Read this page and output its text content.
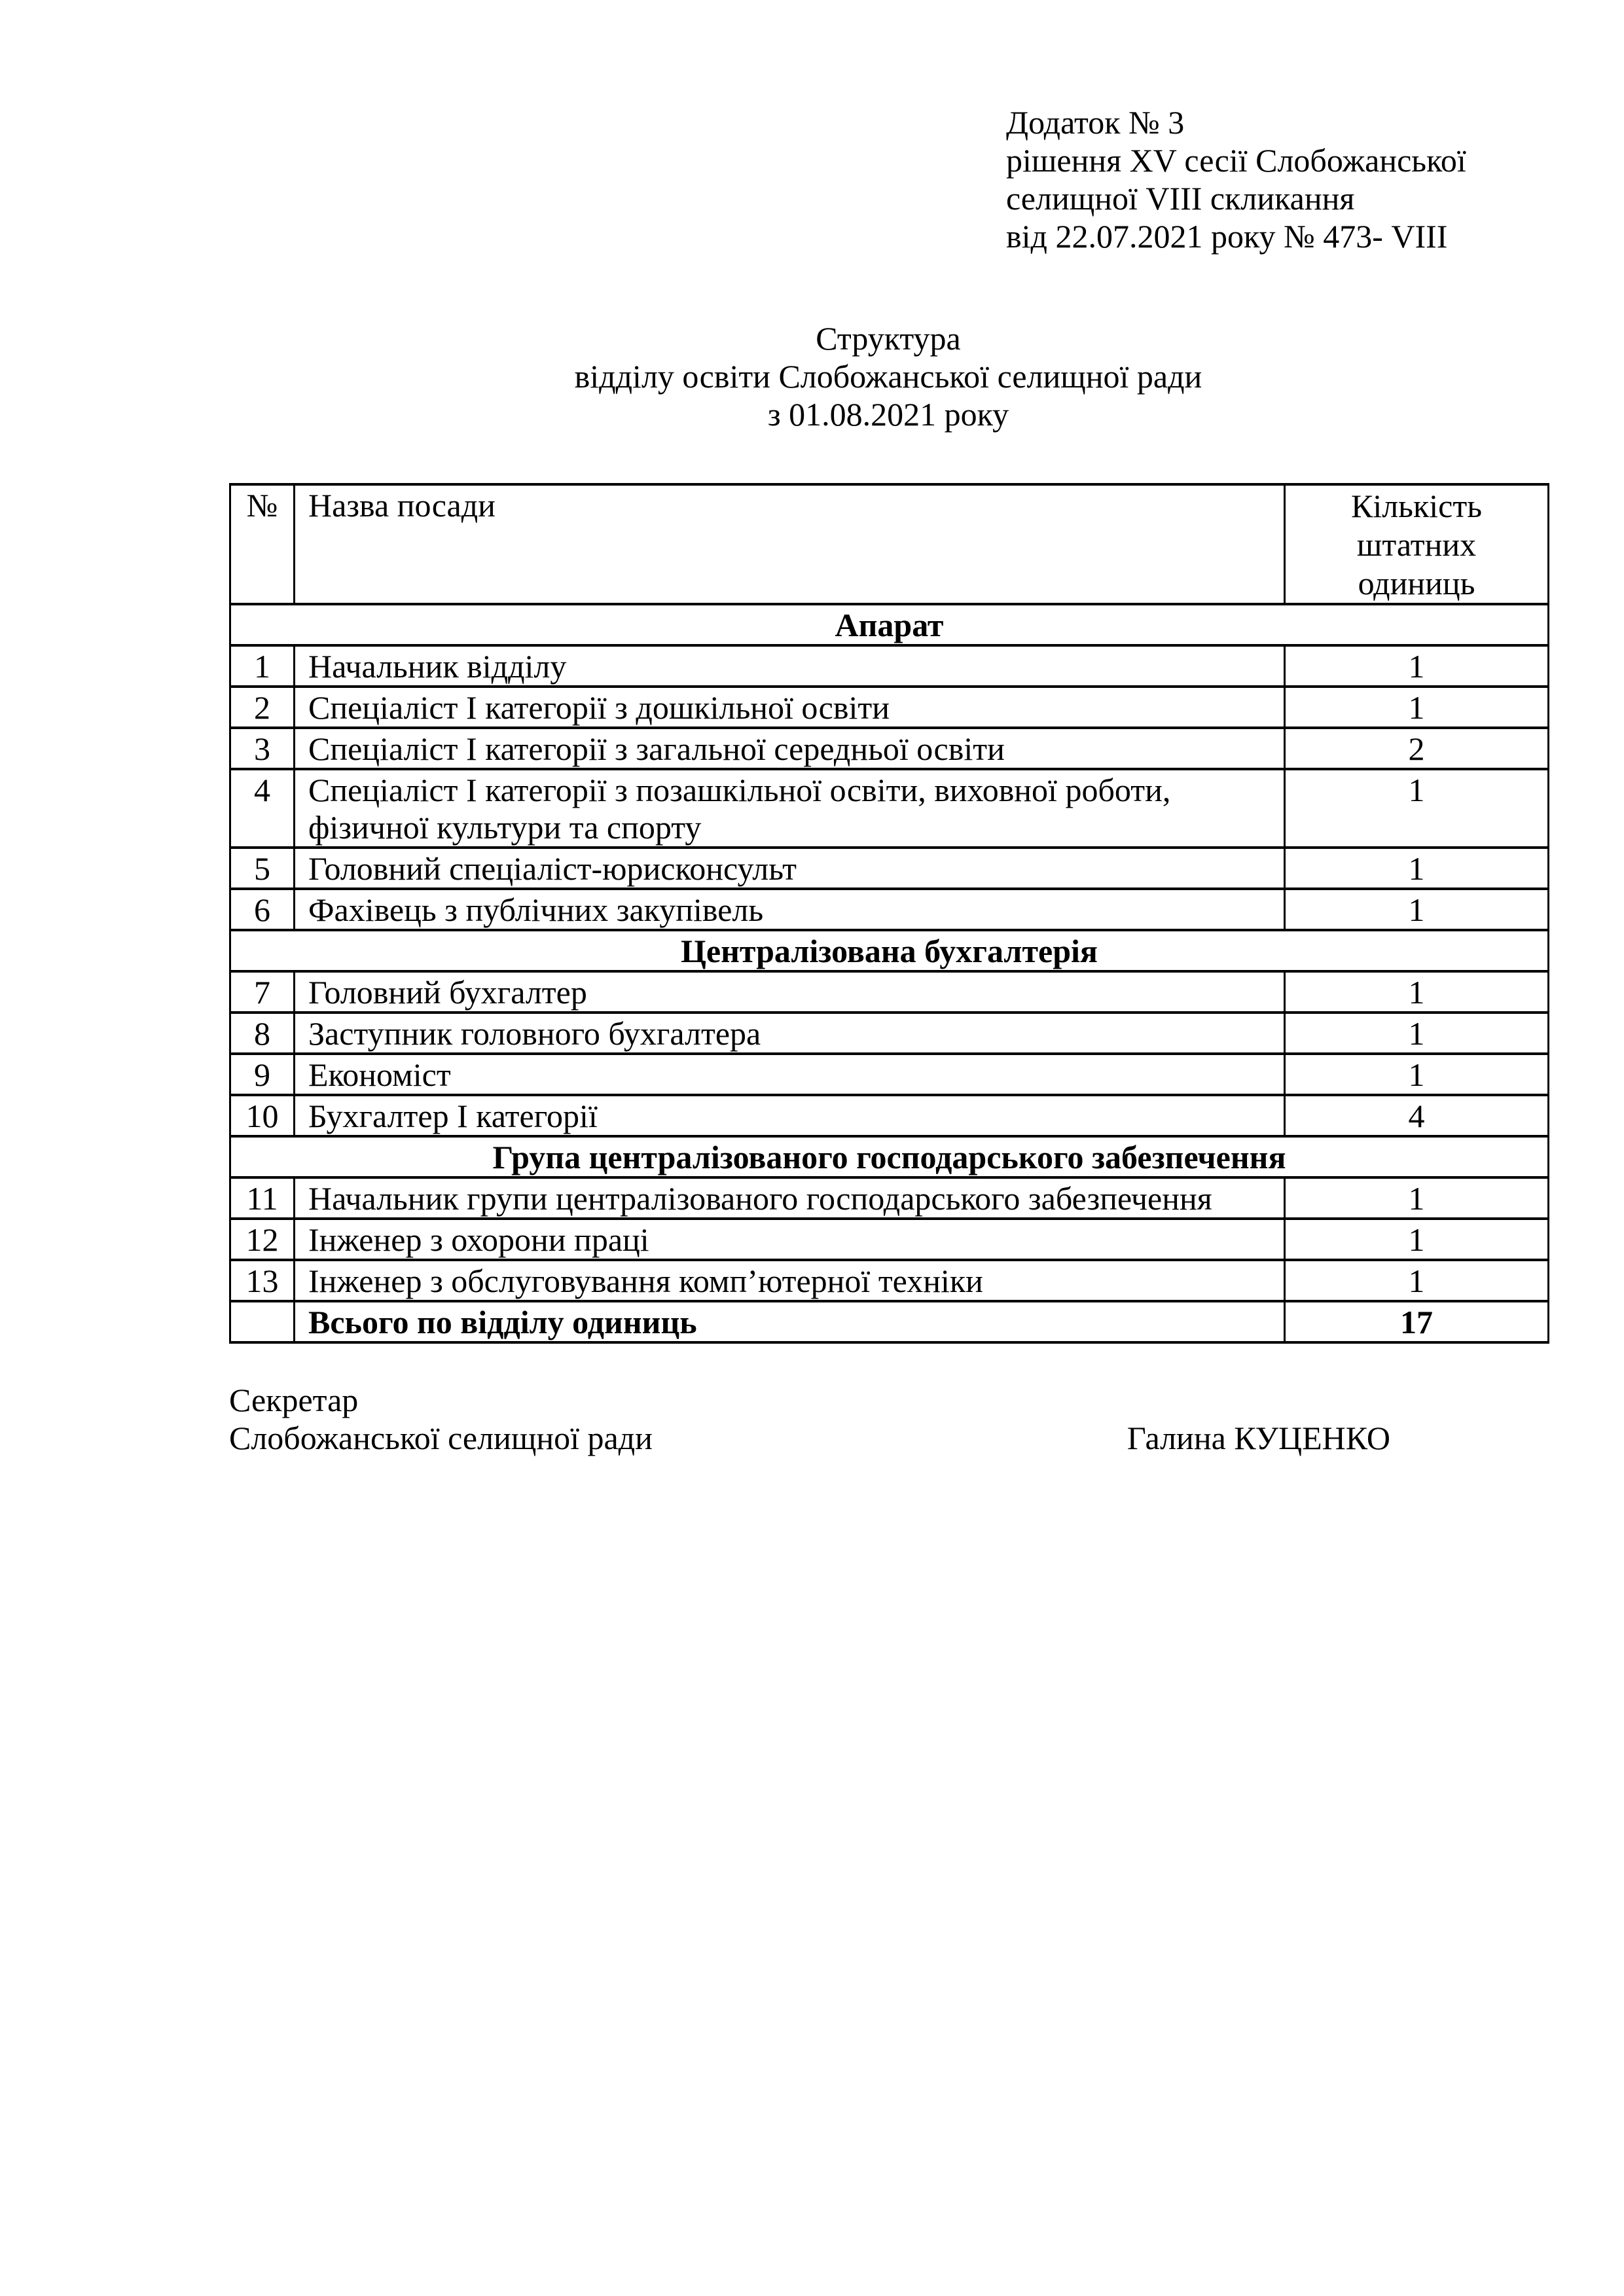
Додаток № 3
рішення XV сесії Слобожанської
селищної VIII скликання
від 22.07.2021 року № 473- VIII
Структура
відділу освіти Слобожанської селищної ради
з 01.08.2021 року
№	Назва посади	Кількість штатних одиниць
Апарат		
1	Начальник відділу	1
2	Спеціаліст І категорії з дошкільної освіти	1
3	Спеціаліст І категорії з загальної середньої освіти	2
4	Спеціаліст І категорії з позашкільної освіти, виховної роботи, фізичної культури та спорту	1
5	Головний спеціаліст-юрисконсульт	1
6	Фахівець з публічних закупівель	1
Централізована бухгалтерія		
7	Головний бухгалтер	1
8	Заступник головного бухгалтера	1
9	Економіст	1
10	Бухгалтер І категорії	4
Група централізованого господарського забезпечення		
11	Начальник групи централізованого господарського забезпечення	1
12	Інженер з охорони праці	1
13	Інженер з обслуговування комп’ютерної техніки	1
	Всього по відділу одиниць	17
Секретар
Слобожанської селищної ради	Галина КУЦЕНКО
